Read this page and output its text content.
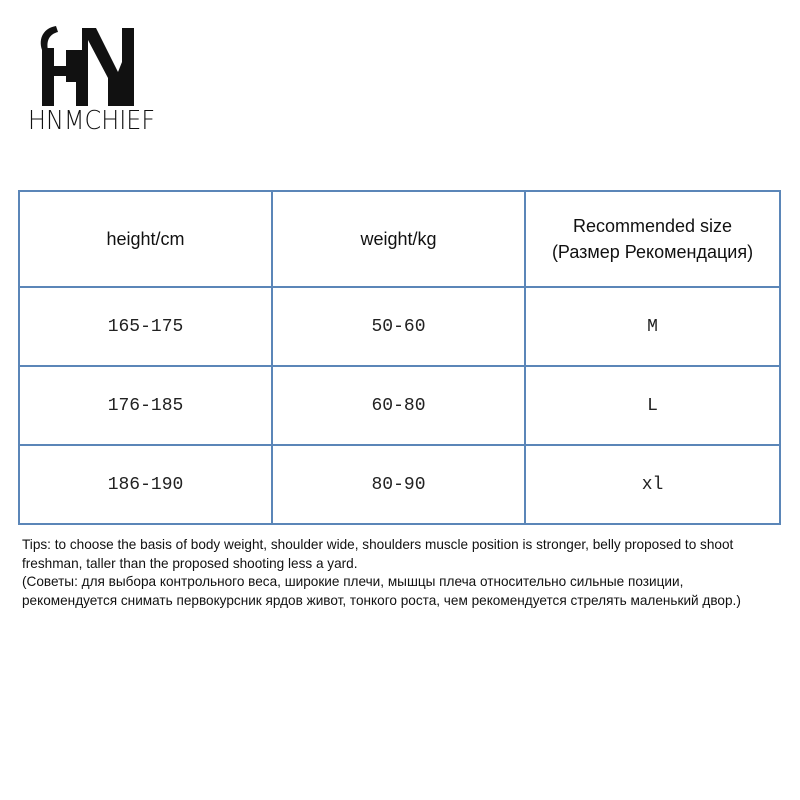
HNMCHIEF
height/cm	weight/kg	Recommended size
(Размер Рекомендация)

165-175	50-60	M
176-185	60-80	L
186-190	80-90	xl

Tips: to choose the basis of body weight, shoulder wide, shoulders muscle position is stronger, belly proposed to shoot freshman, taller than the proposed shooting less a yard.

(Советы: для выбора контрольного веса, широкие плечи, мышцы плеча относительно сильные позиции, рекомендуется снимать первокурсник ярдов живот, тонкого роста, чем рекомендуется стрелять маленький двор.)
